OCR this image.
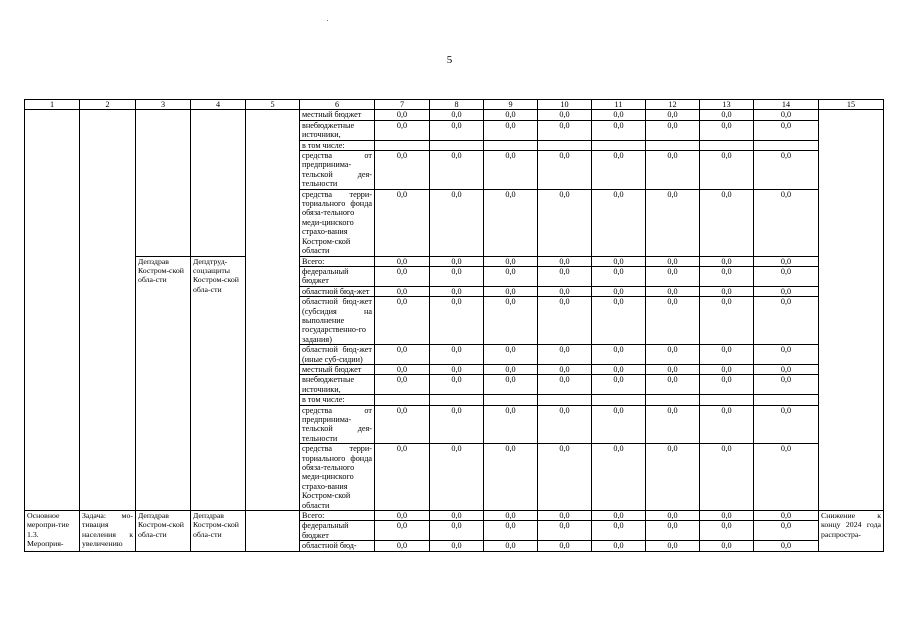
5
1	2	3	4	5	6	7	8	9	10	11	12	13	14	15
					местный бюджет	0,0	0,0	0,0	0,0	0,0	0,0	0,0	0,0	
					внебюджетные источники,	0,0	0,0	0,0	0,0	0,0	0,0	0,0	0,0	
					в том числе:									
					средства от предпринима-тельской дея-тельности	0,0	0,0	0,0	0,0	0,0	0,0	0,0	0,0	
					средства терри-ториального фонда обяза-тельного меди-цинского страхо-вания Костром-ской области	0,0	0,0	0,0	0,0	0,0	0,0	0,0	0,0	
		Депздрав Костром-ской обла-сти	Депдтруд-соцзащиты Костром-ской обла-сти		Всего:	0,0	0,0	0,0	0,0	0,0	0,0	0,0	0,0	
					федеральный бюджет	0,0	0,0	0,0	0,0	0,0	0,0	0,0	0,0	
					областной бюд-жет	0,0	0,0	0,0	0,0	0,0	0,0	0,0	0,0	
					областной бюд-жет (субсидия на выполнение государственно-го задания)	0,0	0,0	0,0	0,0	0,0	0,0	0,0	0,0	
					областной бюд-жет (иные суб-сидии)	0,0	0,0	0,0	0,0	0,0	0,0	0,0	0,0	
					местный бюджет	0,0	0,0	0,0	0,0	0,0	0,0	0,0	0,0	
					внебюджетные источники,	0,0	0,0	0,0	0,0	0,0	0,0	0,0	0,0	
					в том числе:									
					средства от предпринима-тельской дея-тельности	0,0	0,0	0,0	0,0	0,0	0,0	0,0	0,0	
					средства терри-ториального фонда обяза-тельного меди-цинского страхо-вания Костром-ской области	0,0	0,0	0,0	0,0	0,0	0,0	0,0	0,0	
Основное меропри-тие 1.3. Мероприя-	Задача: мо-тивация населения к увеличению	Депздрав Костром-ской обла-сти	Депздрав Костром-ской обла-сти		Всего:	0,0	0,0	0,0	0,0	0,0	0,0	0,0	0,0	Снижение к концу 2024 года распростра-
					федеральный бюджет	0,0	0,0	0,0	0,0	0,0	0,0	0,0	0,0	
					областной бюд-	0,0	0,0	0,0	0,0	0,0	0,0	0,0	0,0	
